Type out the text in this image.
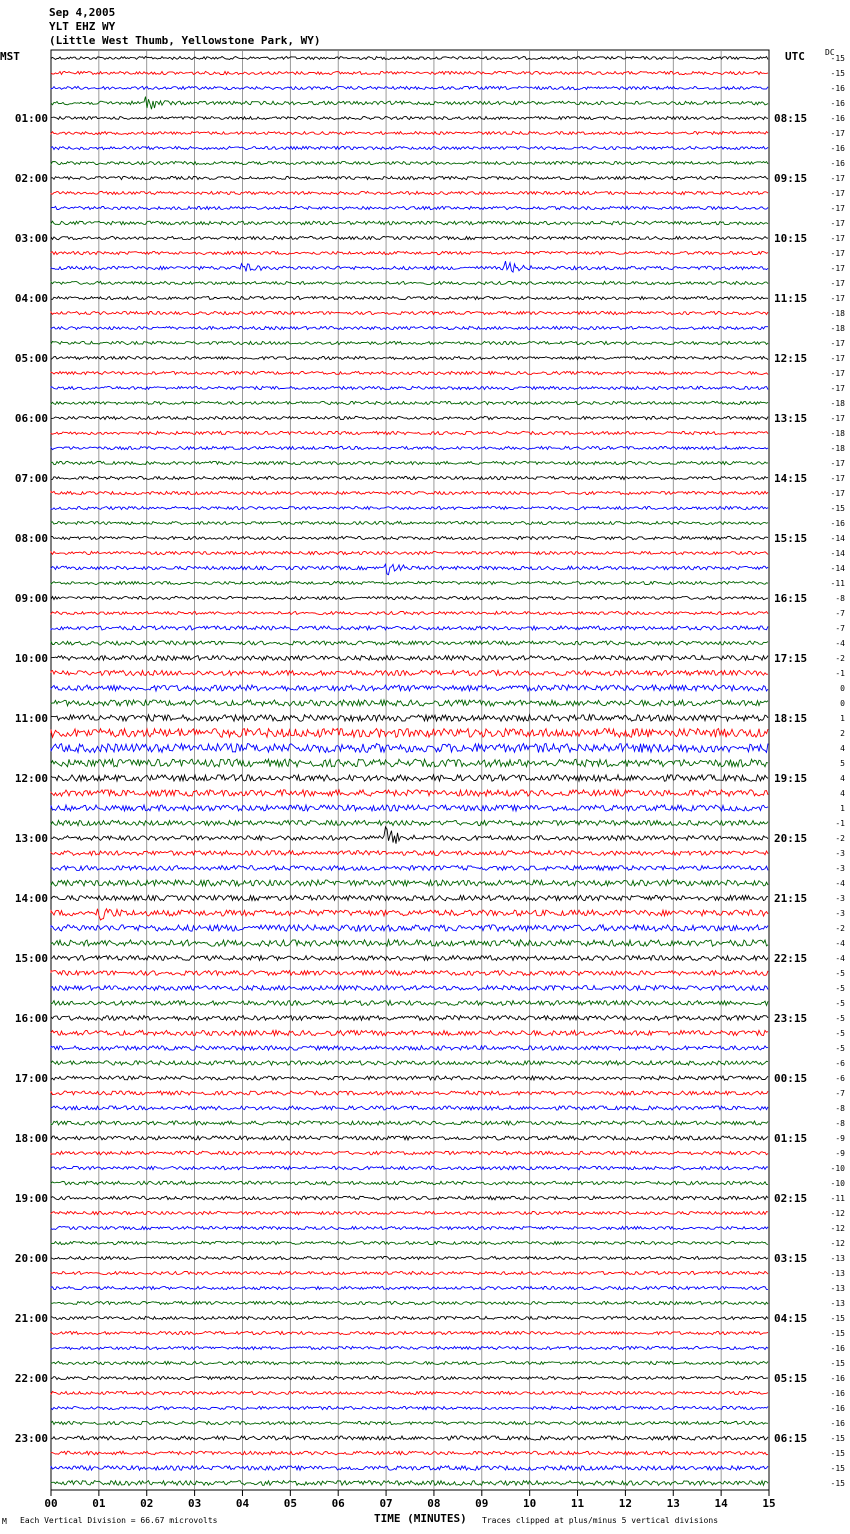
Sep 4,2005
YLT EHZ WY
(Little West Thumb, Yellowstone Park, WY)
MST	UTC	DC
00	01	02	03	04	05	06	07	08	09	10	11	12	13	14	15
-15
-15
-16
-16
-16
-17
-16
-16
-17
-17
-17
-17
-17
-17
-17
-17
-17
-18
-18
-17
-17
-17
-17
-18
-17
-18
-18
-17
-17
-17
-15
-16
-14
-14
-14
-11
-8
-7
-7
-4
-2
-1
0
0
1
2
4
5
4
4
1
-1
-2
-3
-3
-4
-3
-3
-2
-4
-4
-5
-5
-5
-5
-5
-5
-6
-6
-7
-8
-8
-9
-9
-10
-10
-11
-12
-12
-12
-13
-13
-13
-13
-15
-15
-16
-15
-16
-16
-16
-16
-15
-15
-15
-15
01:00
02:00
03:00
04:00
05:00
06:00
07:00
08:00
09:00
10:00
11:00
12:00
13:00
14:00
15:00
16:00
17:00
18:00
19:00
20:00
21:00
22:00
23:00
08:15
09:15
10:15
11:15
12:15
13:15
14:15
15:15
16:15
17:15
18:15
19:15
20:15
21:15
22:15
23:15
00:15
01:15
02:15
03:15
04:15
05:15
06:15
M Each Vertical Division = 66.67 microvolts	TIME (MINUTES) Traces clipped at plus/minus 5 vertical divisions
